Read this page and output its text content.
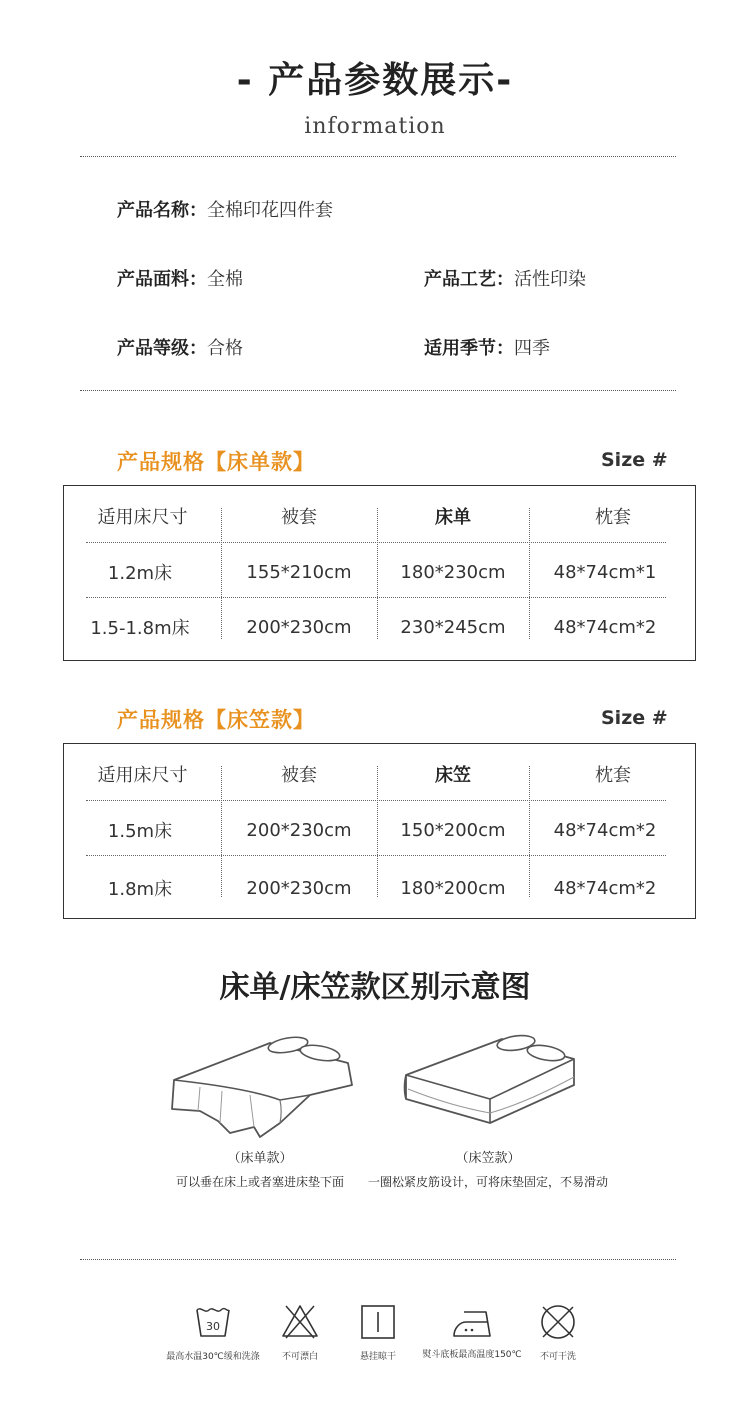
- 产品参数展示-
information
产品名称：全棉印花四件套
产品面料：全棉	产品工艺：活性印染
产品等级：合格	适用季节：四季
产品规格【床单款】	Size #
适用床尺寸	被套	床单	枕套
1.2m床	155*210cm	180*230cm	48*74cm*1
1.5-1.8m床	200*230cm	230*245cm	48*74cm*2
产品规格【床笠款】	Size #
适用床尺寸	被套	床笠	枕套
1.5m床	200*230cm	150*200cm	48*74cm*2
1.8m床	200*230cm	180*200cm	48*74cm*2
床单/床笠款区别示意图
（床单款）	（床笠款）
可以垂在床上或者塞进床垫下面	一圈松紧皮筋设计，可将床垫固定，不易滑动
30
最高水温30℃缓和洗涤	不可漂白	悬挂晾干	熨斗底板最高温度150℃	不可干洗
